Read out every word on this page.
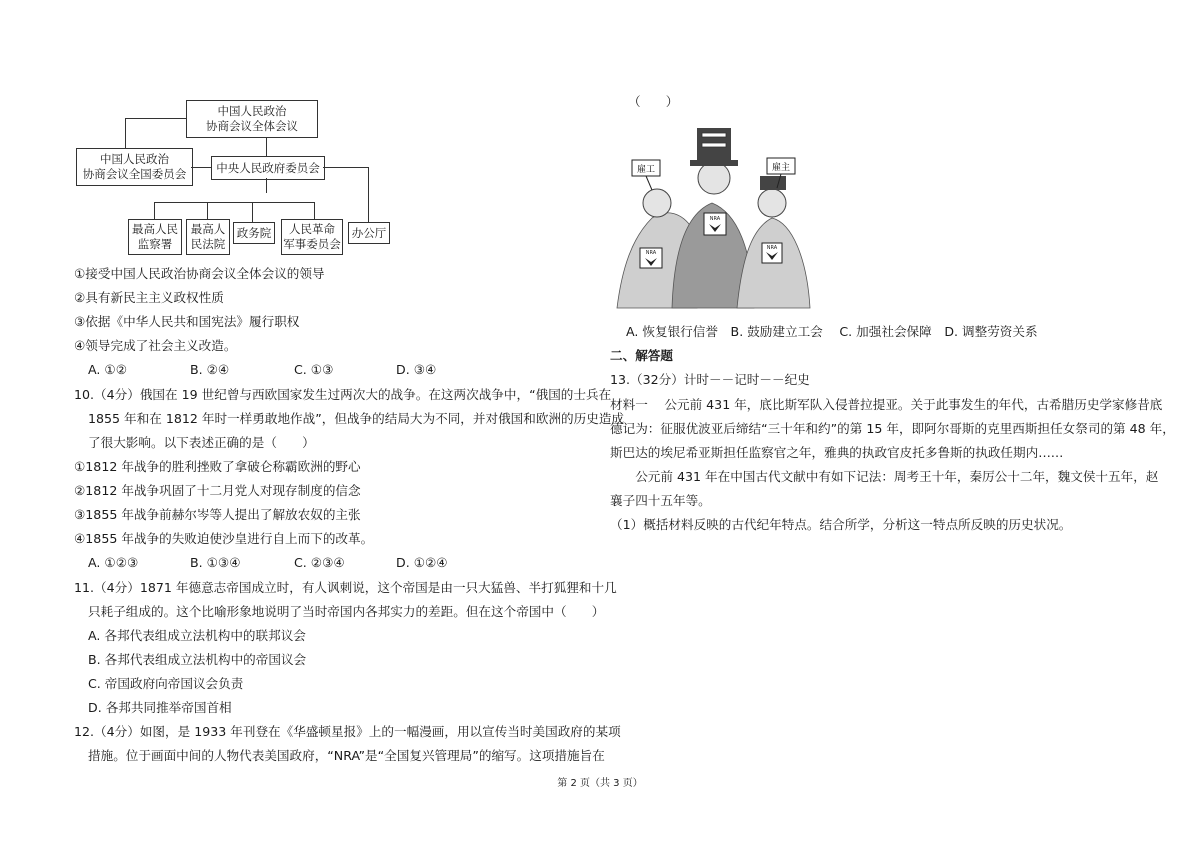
中国人民政治
协商会议全体会议
中国人民政治
协商会议全国委员会	中央人民政府委员会
最高人民
监察署
最高人
民法院
政务院 人民革命
军事委员会
办公厅
①接受中国人民政治协商会议全体会议的领导
②具有新民主主义政权性质
③依据《中华人民共和国宪法》履行职权
④领导完成了社会主义改造。
A. ①②	B. ②④	C. ①③	D. ③④
10.（4分）俄国在 19 世纪曾与西欧国家发生过两次大的战争。在这两次战争中，“俄国的士兵在
1855 年和在 1812 年时一样勇敢地作战”，但战争的结局大为不同，并对俄国和欧洲的历史造成
了很大影响。以下表述正确的是（　　）
①1812 年战争的胜利挫败了拿破仑称霸欧洲的野心
②1812 年战争巩固了十二月党人对现存制度的信念
③1855 年战争前赫尔岑等人提出了解放农奴的主张
④1855 年战争的失败迫使沙皇进行自上而下的改革。
A. ①②③	B. ①③④	C. ②③④	D. ①②④
11.（4分）1871 年德意志帝国成立时，有人讽刺说，这个帝国是由一只大猛兽、半打狐狸和十几
只耗子组成的。这个比喻形象地说明了当时帝国内各邦实力的差距。但在这个帝国中（　　）
A. 各邦代表组成立法机构中的联邦议会
B. 各邦代表组成立法机构中的帝国议会
C. 帝国政府向帝国议会负责
D. 各邦共同推举帝国首相
12.（4分）如图，是 1933 年刊登在《华盛顿星报》上的一幅漫画，用以宣传当时美国政府的某项
措施。位于画面中间的人物代表美国政府，“NRA”是“全国复兴管理局”的缩写。这项措施旨在
（　　）
NRA
NRA
NRA
雇工	雇主
A. 恢复银行信誉　B. 鼓励建立工会　 C. 加强社会保障　D. 调整劳资关系
二、解答题
13.（32分）计时－－记时－－纪史
材料一　 公元前 431 年，底比斯军队入侵普拉提亚。关于此事发生的年代，古希腊历史学家修昔底
德记为：征服优波亚后缔结“三十年和约”的第 15 年，即阿尔哥斯的克里西斯担任女祭司的第 48 年，
斯巴达的埃尼希亚斯担任监察官之年，雅典的执政官皮托多鲁斯的执政任期内……
　　公元前 431 年在中国古代文献中有如下记法：周考王十年，秦厉公十二年，魏文侯十五年，赵
襄子四十五年等。
（1）概括材料反映的古代纪年特点。结合所学，分析这一特点所反映的历史状况。
第 2 页（共 3 页）
